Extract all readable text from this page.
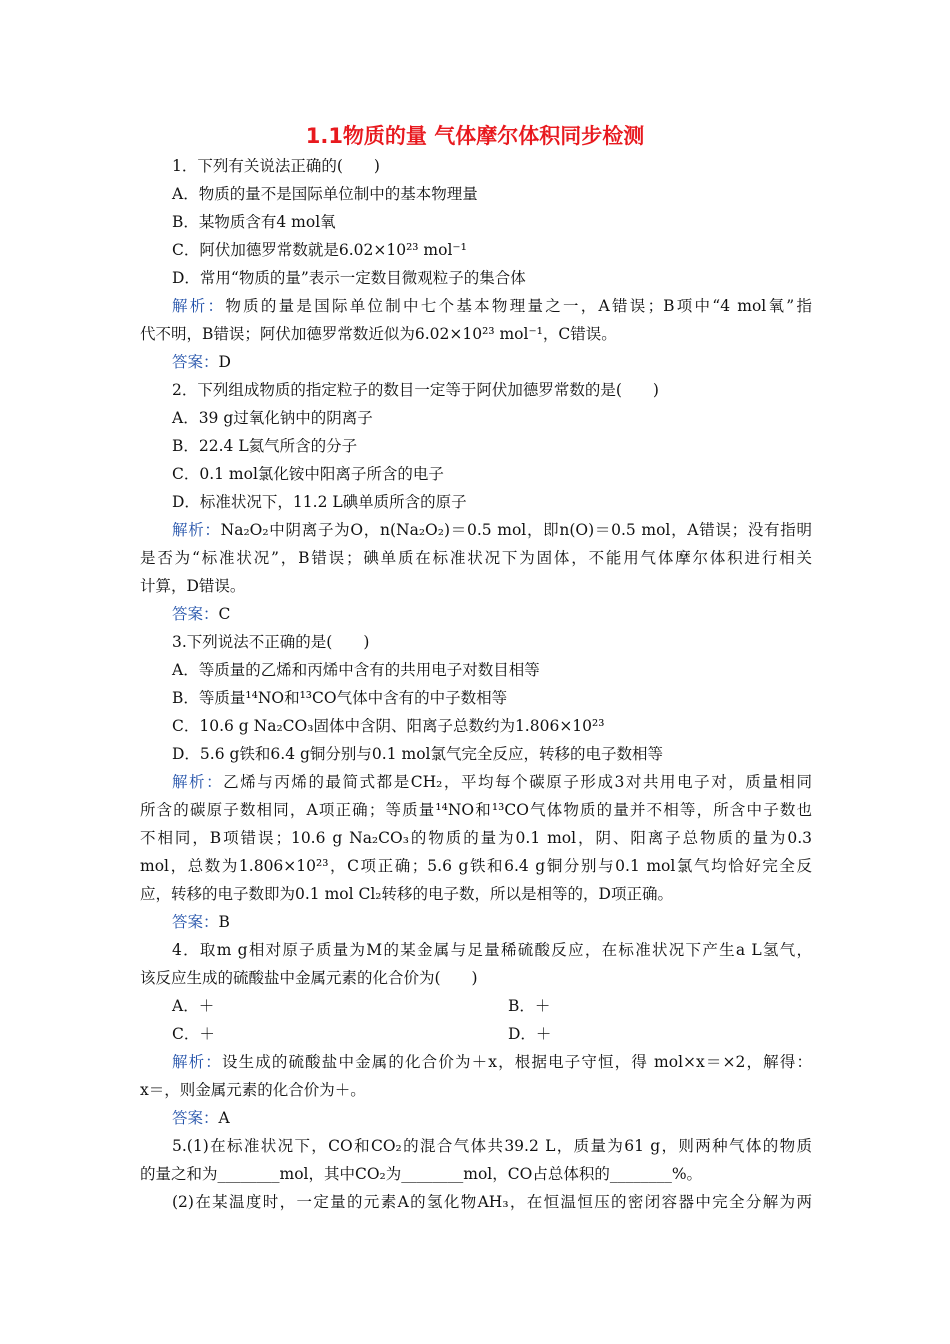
1.1物质的量 气体摩尔体积同步检测
1．下列有关说法正确的(　　)
A．物质的量不是国际单位制中的基本物理量
B．某物质含有4 mol氧
C．阿伏加德罗常数就是6.02×10²³ mol⁻¹
D．常用“物质的量”表示一定数目微观粒子的集合体
解析：物质的量是国际单位制中七个基本物理量之一，A错误；B项中“4 mol氧”指
代不明，B错误；阿伏加德罗常数近似为6.02×10²³ mol⁻¹，C错误。
答案：D
2．下列组成物质的指定粒子的数目一定等于阿伏加德罗常数的是(　　)
A．39 g过氧化钠中的阴离子
B．22.4 L氦气所含的分子
C．0.1 mol氯化铵中阳离子所含的电子
D．标准状况下，11.2 L碘单质所含的原子
解析：Na₂O₂中阴离子为O，n(Na₂O₂)＝0.5 mol，即n(O)＝0.5 mol，A错误；没有指明
是否为“标准状况”，B错误；碘单质在标准状况下为固体，不能用气体摩尔体积进行相关
计算，D错误。
答案：C
3.下列说法不正确的是(　　)
A．等质量的乙烯和丙烯中含有的共用电子对数目相等
B．等质量¹⁴NO和¹³CO气体中含有的中子数相等
C．10.6 g Na₂CO₃固体中含阴、阳离子总数约为1.806×10²³
D．5.6 g铁和6.4 g铜分别与0.1 mol氯气完全反应，转移的电子数相等
解析：乙烯与丙烯的最简式都是CH₂，平均每个碳原子形成3对共用电子对，质量相同
所含的碳原子数相同，A项正确；等质量¹⁴NO和¹³CO气体物质的量并不相等，所含中子数也
不相同，B项错误；10.6 g Na₂CO₃的物质的量为0.1 mol，阴、阳离子总物质的量为0.3
mol，总数为1.806×10²³，C项正确；5.6 g铁和6.4 g铜分别与0.1 mol氯气均恰好完全反
应，转移的电子数即为0.1 mol Cl₂转移的电子数，所以是相等的，D项正确。
答案：B
4．取m g相对原子质量为M的某金属与足量稀硫酸反应，在标准状况下产生a L氢气，
该反应生成的硫酸盐中金属元素的化合价为(　　)
A．＋	B．＋
C．＋	D．＋
解析：设生成的硫酸盐中金属的化合价为＋x，根据电子守恒，得 mol×x＝×2，解得：
x＝，则金属元素的化合价为＋。
答案：A
5.(1)在标准状况下，CO和CO₂的混合气体共39.2 L，质量为61 g，则两种气体的物质
的量之和为________mol，其中CO₂为________mol，CO占总体积的________%。
(2)在某温度时，一定量的元素A的氢化物AH₃，在恒温恒压的密闭容器中完全分解为两
